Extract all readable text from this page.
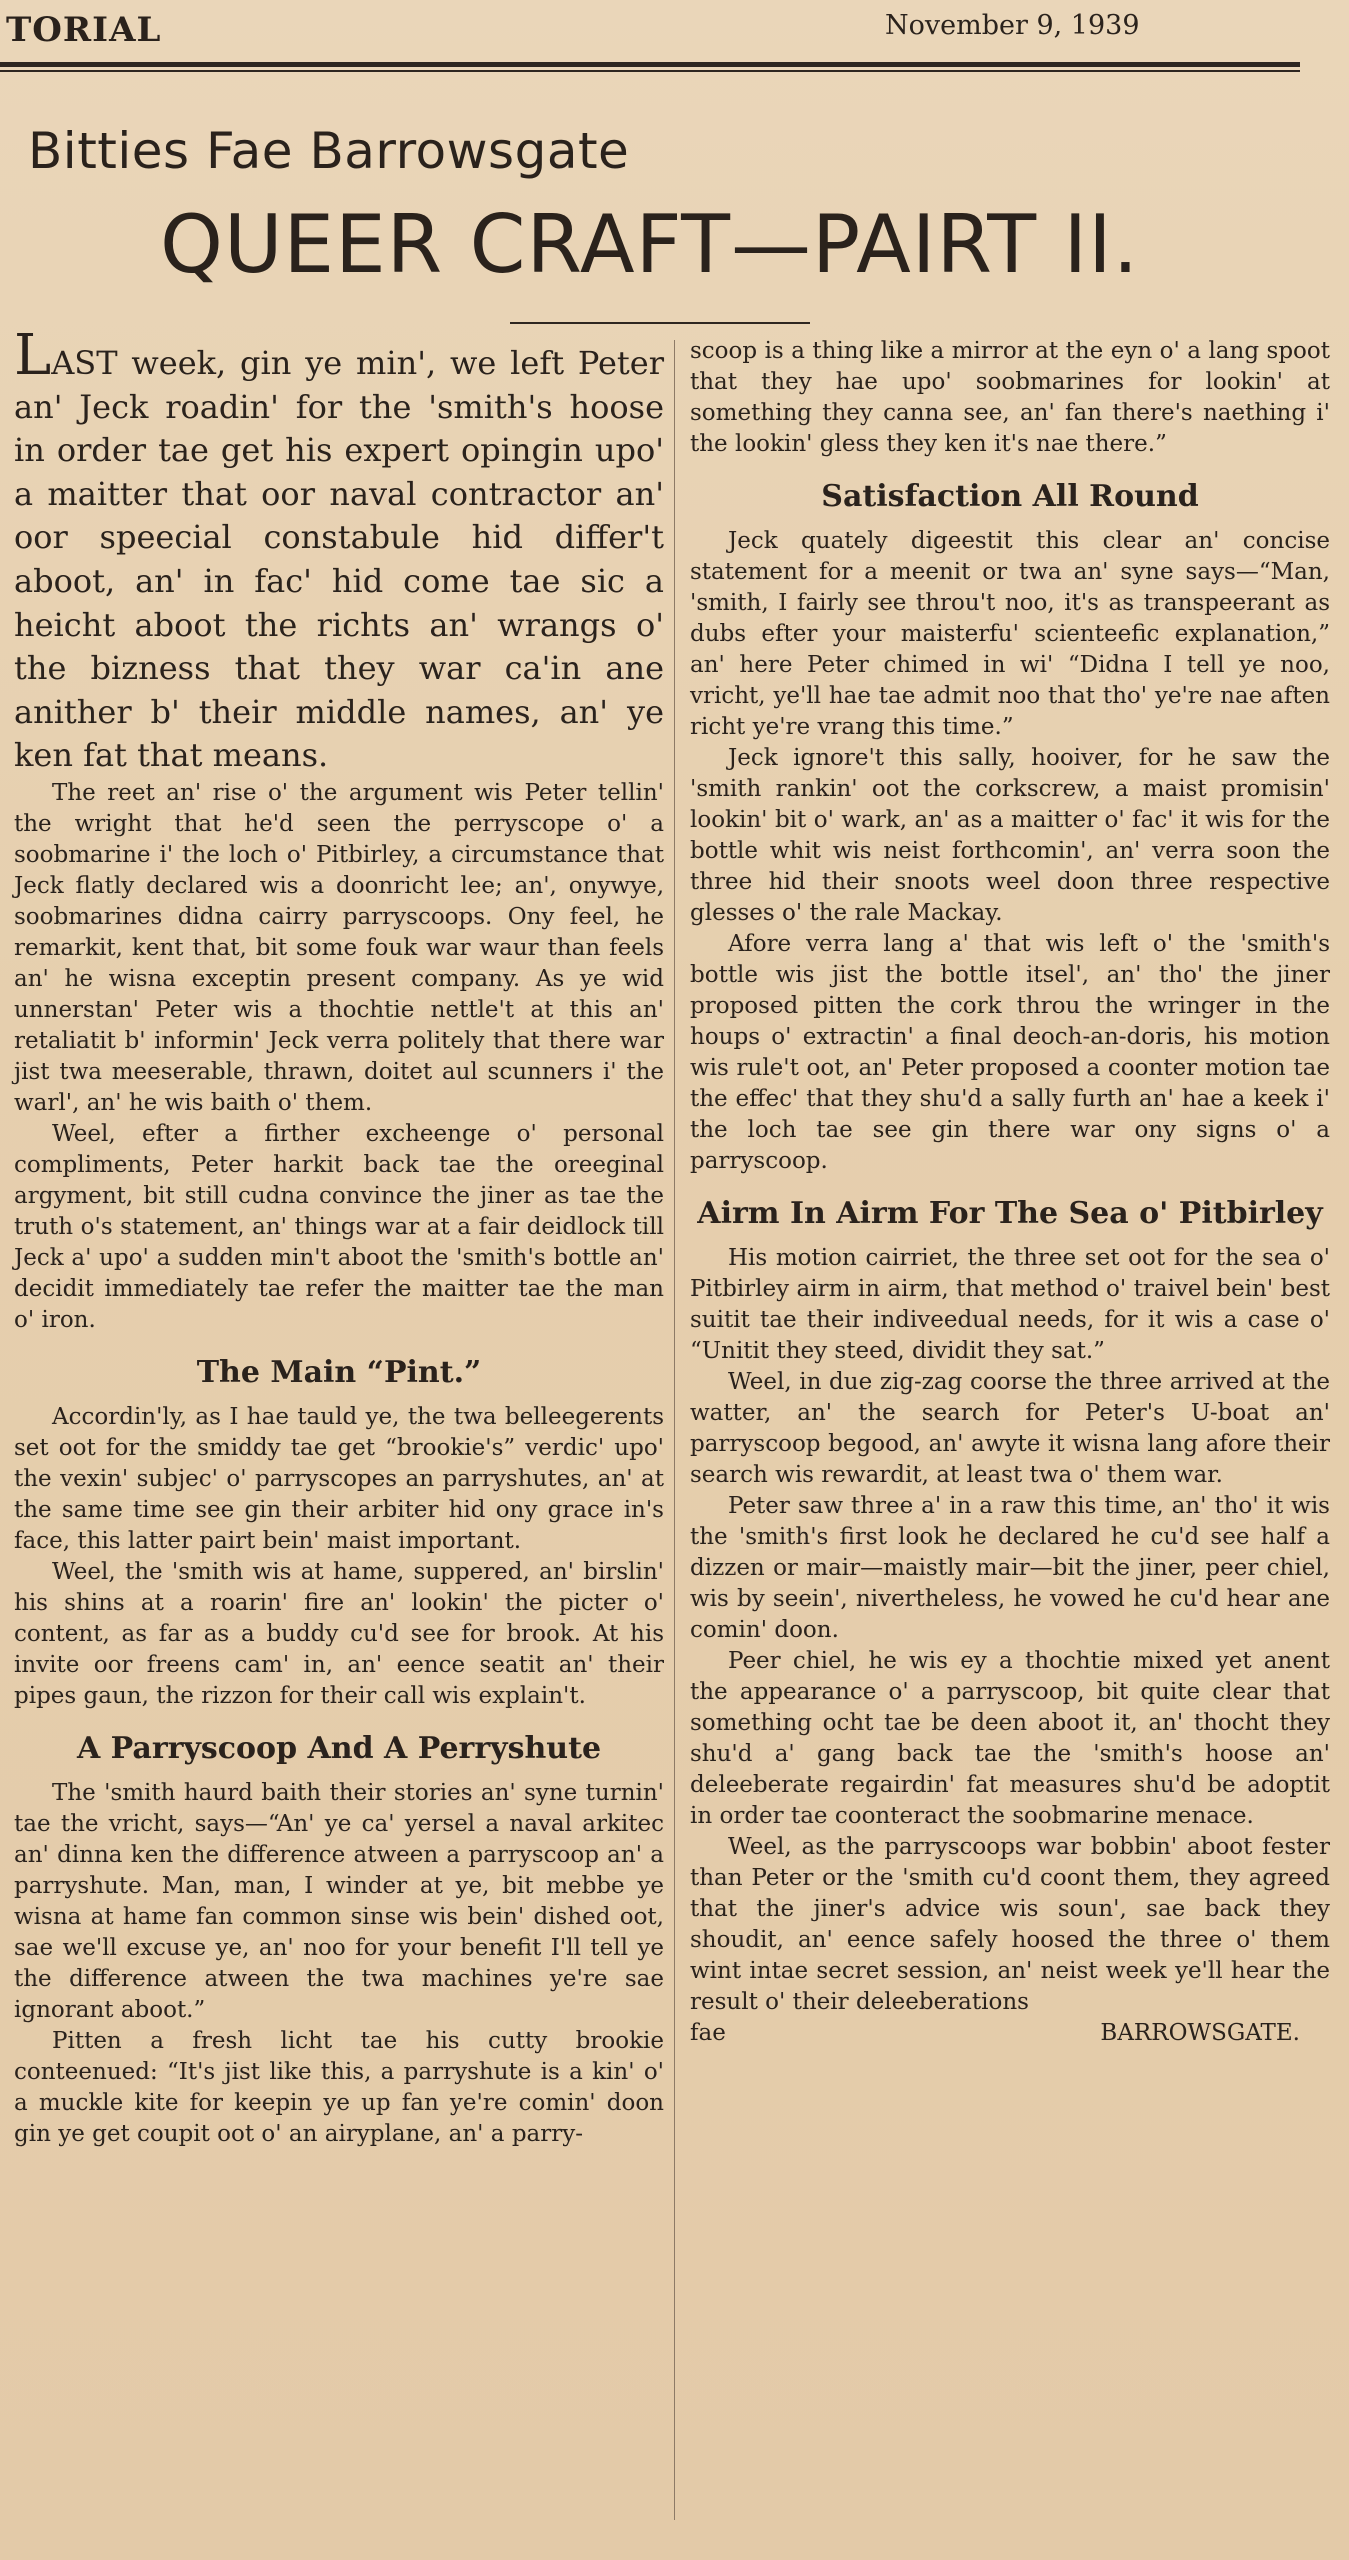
TORIAL	November 9, 1939
Bitties Fae Barrowsgate
QUEER CRAFT—PAIRT II.

LAST week, gin ye min', we left Peter an' Jeck roadin' for the 'smith's hoose in order tae get his expert opingin upo' a maitter that oor naval contractor an' oor speecial constabule hid differ't aboot, an' in fac' hid come tae sic a heicht aboot the richts an' wrangs o' the bizness that they war ca'in ane anither b' their middle names, an' ye ken fat that means.

The reet an' rise o' the argument wis Peter tellin' the wright that he'd seen the perryscope o' a soobmarine i' the loch o' Pitbirley, a circumstance that Jeck flatly declared wis a doonricht lee; an', onywye, soobmarines didna cairry parryscoops. Ony feel, he remarkit, kent that, bit some fouk war waur than feels an' he wisna exceptin present company. As ye wid unnerstan' Peter wis a thochtie nettle't at this an' retaliatit b' informin' Jeck verra politely that there war jist twa meeserable, thrawn, doitet aul scunners i' the warl', an' he wis baith o' them.

Weel, efter a firther excheenge o' personal compliments, Peter harkit back tae the oreeginal argyment, bit still cudna convince the jiner as tae the truth o's statement, an' things war at a fair deidlock till Jeck a' upo' a sudden min't aboot the 'smith's bottle an' decidit immediately tae refer the maitter tae the man o' iron.

The Main “Pint.”

Accordin'ly, as I hae tauld ye, the twa belleegerents set oot for the smiddy tae get “brookie's” verdic' upo' the vexin' subjec' o' parryscopes an parryshutes, an' at the same time see gin their arbiter hid ony grace in's face, this latter pairt bein' maist important.

Weel, the 'smith wis at hame, suppered, an' birslin' his shins at a roarin' fire an' lookin' the picter o' content, as far as a buddy cu'd see for brook. At his invite oor freens cam' in, an' eence seatit an' their pipes gaun, the rizzon for their call wis explain't.

A Parryscoop And A Perryshute

The 'smith haurd baith their stories an' syne turnin' tae the vricht, says—“An' ye ca' yersel a naval arkitec an' dinna ken the difference atween a parryscoop an' a parryshute. Man, man, I winder at ye, bit mebbe ye wisna at hame fan common sinse wis bein' dished oot, sae we'll excuse ye, an' noo for your benefit I'll tell ye the difference atween the twa machines ye're sae ignorant aboot.”

Pitten a fresh licht tae his cutty brookie conteenued: “It's jist like this, a parryshute is a kin' o' a muckle kite for keepin ye up fan ye're comin' doon gin ye get coupit oot o' an airyplane, an' a parry-

scoop is a thing like a mirror at the eyn o' a lang spoot that they hae upo' soobmarines for lookin' at something they canna see, an' fan there's naething i' the lookin' gless they ken it's nae there.”

Satisfaction All Round

Jeck quately digeestit this clear an' concise statement for a meenit or twa an' syne says—“Man, 'smith, I fairly see throu't noo, it's as transpeerant as dubs efter your maisterfu' scienteefic explanation,” an' here Peter chimed in wi' “Didna I tell ye noo, vricht, ye'll hae tae admit noo that tho' ye're nae aften richt ye're vrang this time.”

Jeck ignore't this sally, hooiver, for he saw the 'smith rankin' oot the corkscrew, a maist promisin' lookin' bit o' wark, an' as a maitter o' fac' it wis for the bottle whit wis neist forthcomin', an' verra soon the three hid their snoots weel doon three respective glesses o' the rale Mackay.

Afore verra lang a' that wis left o' the 'smith's bottle wis jist the bottle itsel', an' tho' the jiner proposed pitten the cork throu the wringer in the houps o' extractin' a final deoch-an-doris, his motion wis rule't oot, an' Peter proposed a coonter motion tae the effec' that they shu'd a sally furth an' hae a keek i' the loch tae see gin there war ony signs o' a parryscoop.

Airm In Airm For The Sea o' Pitbirley

His motion cairriet, the three set oot for the sea o' Pitbirley airm in airm, that method o' traivel bein' best suitit tae their indiveedual needs, for it wis a case o' “Unitit they steed, dividit they sat.”

Weel, in due zig-zag coorse the three arrived at the watter, an' the search for Peter's U-boat an' parryscoop begood, an' awyte it wisna lang afore their search wis rewardit, at least twa o' them war.

Peter saw three a' in a raw this time, an' tho' it wis the 'smith's first look he declared he cu'd see half a dizzen or mair—maistly mair—bit the jiner, peer chiel, wis by seein', nivertheless, he vowed he cu'd hear ane comin' doon.

Peer chiel, he wis ey a thochtie mixed yet anent the appearance o' a parryscoop, bit quite clear that something ocht tae be deen aboot it, an' thocht they shu'd a' gang back tae the 'smith's hoose an' deleeberate regairdin' fat measures shu'd be adoptit in order tae coonteract the soobmarine menace.

Weel, as the parryscoops war bobbin' aboot fester than Peter or the 'smith cu'd coont them, they agreed that the jiner's advice wis soun', sae back they shoudit, an' eence safely hoosed the three o' them wint intae secret session, an' neist week ye'll hear the result o' their deleeberations

fae	BARROWSGATE.
